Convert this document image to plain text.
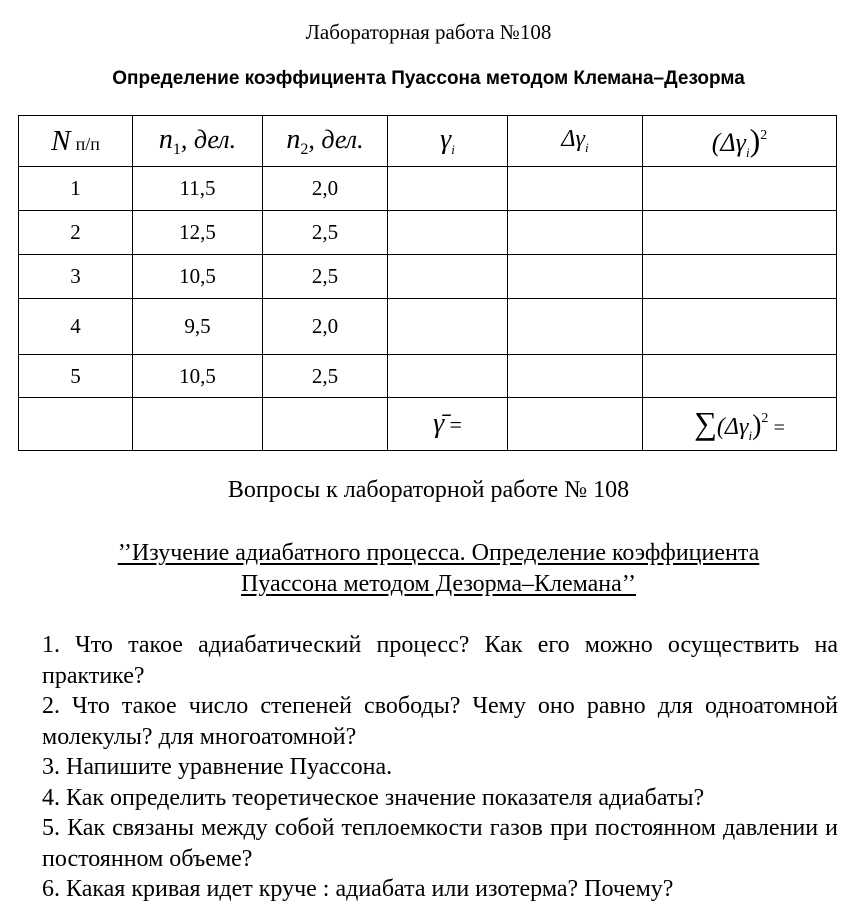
Лабораторная работа №108
Определение коэффициента Пуассона методом Клемана–Дезорма
N п/п	$n_1$, дел.	$n_2$, дел.	$\gamma_i$	$\Delta\gamma_i$	$(\Delta\gamma_i)^2$
1	11,5	2,0			
2	12,5	2,5			
3	10,5	2,5			
4	9,5	2,0			
5	10,5	2,5			
			γ̄ =		$\sum(\Delta\gamma_i)^2$ =
Вопросы к лабораторной работе № 108
’’Изучение адиабатного процесса. Определение коэффициента
Пуассона методом Дезорма–Клемана’’
1. Что такое адиабатический процесс? Как его можно осуществить на практике?
2. Что такое число степеней свободы? Чему оно равно для одноатомной молекулы? для многоатомной?
3. Напишите уравнение Пуассона.
4. Как определить теоретическое значение показателя адиабаты?
5. Как связаны между собой теплоемкости газов при постоянном давлении и постоянном объеме?
6. Какая кривая идет круче : адиабата или изотерма? Почему?
